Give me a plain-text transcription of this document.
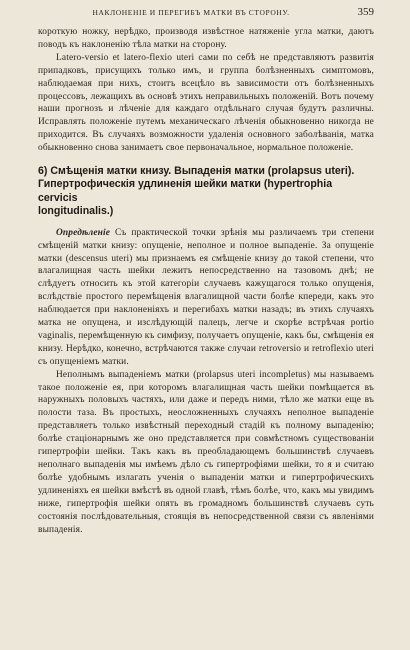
НАКЛОНЕНІЕ И ПЕРЕГИБЪ МАТКИ ВЪ СТОРОНУ.	359

короткую ножку, нерѣдко, производя извѣстное натяженіе угла матки, даютъ поводъ къ наклоненію тѣла матки на сторону.

Latero-versio et latero-flexio uteri сами по себѣ не представляютъ развитія припадковъ, присущихъ только имъ, и группа болѣзненныхъ симптомовъ, наблюдаемая при нихъ, стоитъ всецѣло въ зависимости отъ болѣзненныхъ процессовъ, лежащихъ въ основѣ этихъ неправильныхъ положеній. Вотъ почему наши прогнозъ и лѣченіе для каждаго отдѣльнаго случая будутъ различны. Исправлять положеніе путемъ механическаго лѣченія обыкновенно никогда не приходится. Въ случаяхъ возможности удаленія основного заболѣванія, матка обыкновенно снова занимаетъ свое первоначальное, нормальное положеніе.

6) Смѣщенія матки книзу. Выпаденія матки (prolapsus uteri).
Гипертрофическія удлиненія шейки матки (hypertrophia cervicis
longitudinalis.)

Опредѣленіе Съ практической точки зрѣнія мы различаемъ три степени смѣщеній матки книзу: опущеніе, неполное и полное выпаденіе. За опущеніе матки (descensus uteri) мы признаемъ ея смѣщеніе книзу до такой степени, что влагалищная часть шейки лежитъ непосредственно на тазовомъ днѣ; не слѣдуетъ относить къ этой категоріи случаевъ кажущагося только опущенія, вслѣдствіе простого перемѣщенія влагалищной части болѣе кпереди, какъ это наблюдается при наклоненіяхъ и перегибахъ матки назадъ; въ этихъ случаяхъ матка не опущена, и изслѣдующій палецъ, легче и скорѣе встрѣчая portio vaginalis, перемѣщенную къ симфизу, получаетъ опущеніе, какъ бы, смѣщенія ея книзу. Нерѣдко, конечно, встрѣчаются также случаи retroversio и retroflexio uteri съ опущеніемъ матки.

Неполнымъ выпаденіемъ матки (prolapsus uteri incompletus) мы называемъ такое положеніе ея, при которомъ влагалищная часть шейки помѣщается въ наружныхъ половыхъ частяхъ, или даже и передъ ними, тѣло же матки еще въ полости таза. Въ простыхъ, неосложненныхъ случаяхъ неполное выпаденіе представляетъ только извѣстный переходный стадій къ полному выпаденію; болѣе стаціонарнымъ же оно представляется при совмѣстномъ существованіи гипертрофіи шейки. Такъ какъ въ преобладающемъ большинствѣ случаевъ неполнаго выпаденія мы имѣемъ дѣло съ гипертрофіями шейки, то я и считаю болѣе удобнымъ излагать ученія о выпаденіи матки и гипертрофическихъ удлиненіяхъ ея шейки вмѣстѣ въ одной главѣ, тѣмъ болѣе, что, какъ мы увидимъ ниже, гипертрофія шейки опять въ громадномъ большинствѣ случаевъ суть состоянія послѣдовательныя, стоящія въ непосредственной связи съ явленіями выпаденія.
